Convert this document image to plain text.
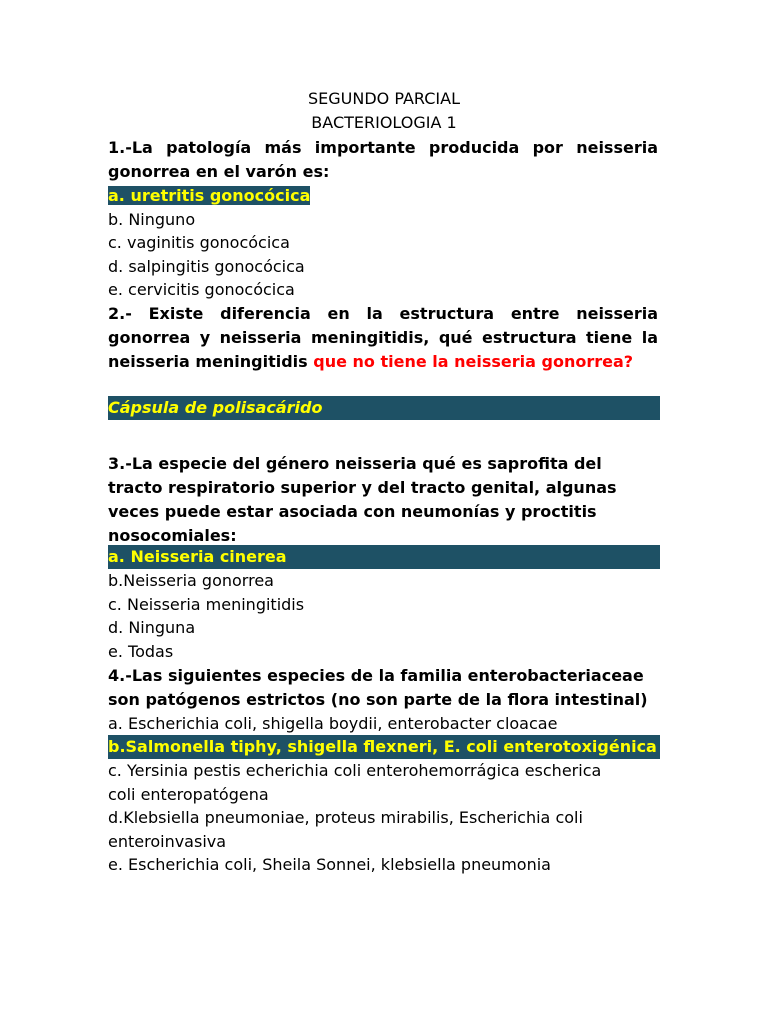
SEGUNDO PARCIAL
BACTERIOLOGIA 1
1.-La patología más importante producida por neisseria gonorrea en el varón es:
a. uretritis gonocócica
b. Ninguno
c. vaginitis gonocócica
d. salpingitis gonocócica
e. cervicitis gonocócica
2.- Existe diferencia en la estructura entre neisseria gonorrea y neisseria meningitidis, qué estructura tiene la neisseria meningitidis que no tiene la neisseria gonorrea?
Cápsula de polisacárido
3.-La especie del género neisseria qué es saprofita del tracto respiratorio superior y del tracto genital, algunas veces puede estar asociada con neumonías y proctitis nosocomiales:
a. Neisseria cinerea
b.Neisseria gonorrea
c. Neisseria meningitidis
d. Ninguna
e. Todas
4.-Las siguientes especies de la familia enterobacteriaceae son patógenos estrictos (no son parte de la flora intestinal)
a. Escherichia coli, shigella boydii, enterobacter cloacae
b.Salmonella tiphy, shigella flexneri, E. coli enterotoxigénica
c. Yersinia pestis echerichia coli enterohemorrágica escherica
coli enteropatógena
d.Klebsiella pneumoniae, proteus mirabilis, Escherichia coli
enteroinvasiva
e. Escherichia coli, Sheila Sonnei, klebsiella pneumonia
